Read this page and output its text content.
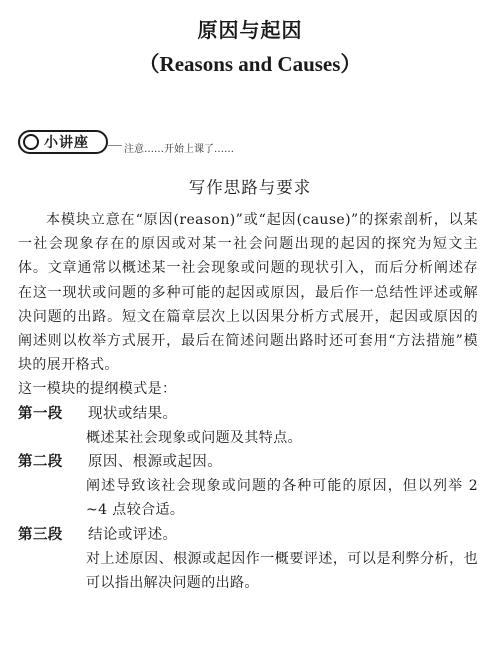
原因与起因
（Reasons and Causes）
小讲座	注意……开始上课了……
写作思路与要求

本模块立意在“原因(reason)”或“起因(cause)”的探索剖析，以某一社会现象存在的原因或对某一社会问题出现的起因的探究为短文主体。文章通常以概述某一社会现象或问题的现状引入，而后分析阐述存在这一现状或问题的多种可能的起因或原因，最后作一总结性评述或解决问题的出路。短文在篇章层次上以因果分析方式展开，起因或原因的阐述则以枚举方式展开，最后在简述问题出路时还可套用“方法措施”模块的展开格式。

这一模块的提纲模式是：

第一段	现状或结果。

概述某社会现象或问题及其特点。

第二段	原因、根源或起因。

阐述导致该社会现象或问题的各种可能的原因，但以列举 2 ~4 点较合适。

第三段	结论或评述。

对上述原因、根源或起因作一概要评述，可以是利弊分析，也可以指出解决问题的出路。
